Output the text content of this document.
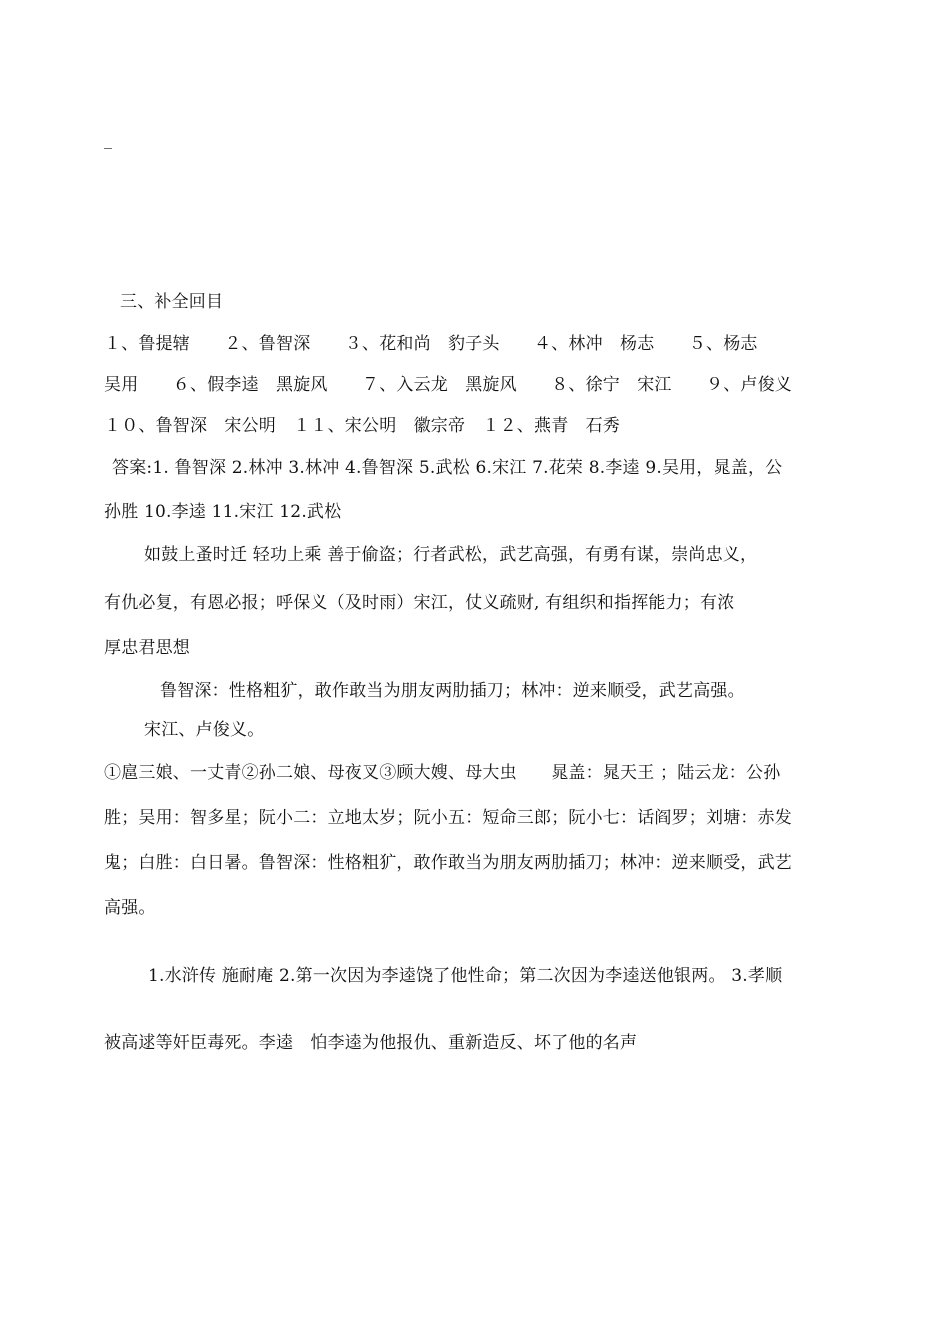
_
三、补全回目
１、鲁提辖　　２、鲁智深　　３、花和尚　豹子头　　４、林冲　杨志　　５、杨志
吴用　　６、假李逵　黑旋风　　７、入云龙　黑旋风　　８、徐宁　宋江　　９、卢俊义
１０、鲁智深　宋公明　１１、宋公明　徽宗帝　１２、燕青　石秀
答案:1. 鲁智深 2.林冲 3.林冲 4.鲁智深 5.武松 6.宋江 7.花荣 8.李逵 9.吴用，晁盖，公
孙胜 10.李逵 11.宋江 12.武松
如鼓上蚤时迁 轻功上乘 善于偷盗；行者武松，武艺高强，有勇有谋，崇尚忠义，
有仇必复，有恩必报；呼保义（及时雨）宋江，仗义疏财, 有组织和指挥能力；有浓
厚忠君思想
鲁智深：性格粗犷，敢作敢当为朋友两肋插刀；林冲：逆来顺受，武艺高强。
宋江、卢俊义。
①扈三娘、一丈青②孙二娘、母夜叉③顾大嫂、母大虫　　晁盖：晁天王 ；陆云龙：公孙
胜；吴用：智多星；阮小二：立地太岁；阮小五：短命三郎；阮小七：话阎罗；刘塘：赤发
鬼；白胜：白日暑。鲁智深：性格粗犷，敢作敢当为朋友两肋插刀；林冲：逆来顺受，武艺
高强。
1.水浒传 施耐庵 2.第一次因为李逵饶了他性命；第二次因为李逵送他银两。 3.孝顺
被高逑等奸臣毒死。李逵　怕李逵为他报仇、重新造反、坏了他的名声
